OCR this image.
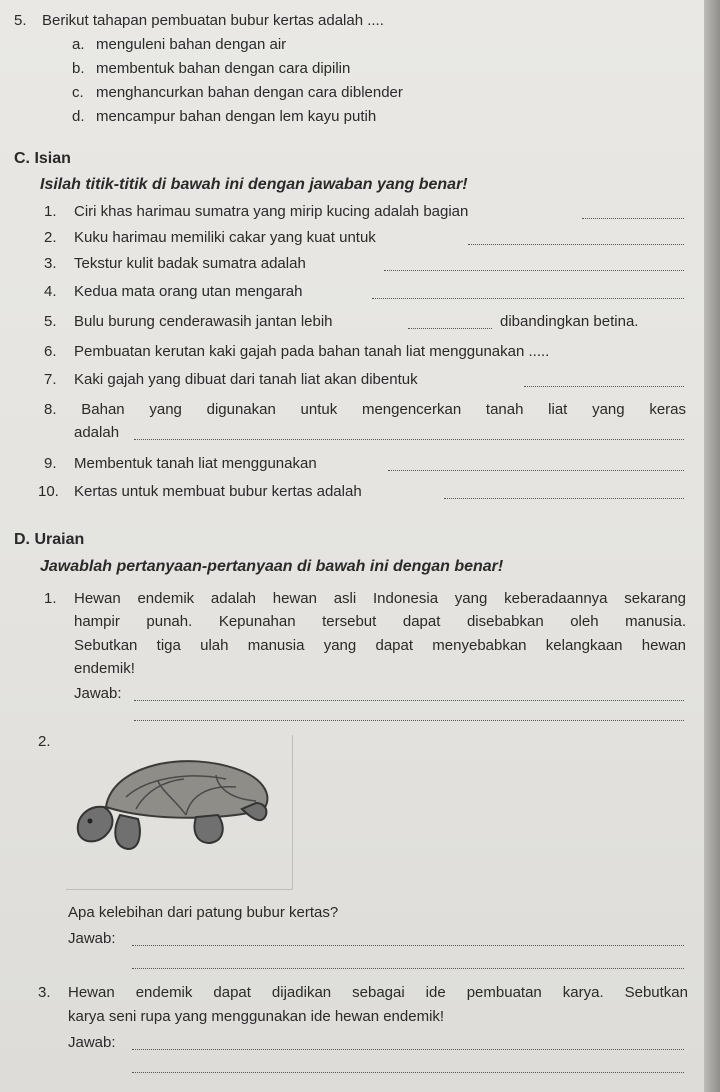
5. Berikut tahapan pembuatan bubur kertas adalah ....
a. menguleni bahan dengan air
b. membentuk bahan dengan cara dipilin
c. menghancurkan bahan dengan cara diblender
d. mencampur bahan dengan lem kayu putih
C. Isian
Isilah titik-titik di bawah ini dengan jawaban yang benar!
1. Ciri khas harimau sumatra yang mirip kucing adalah bagian
2. Kuku harimau memiliki cakar yang kuat untuk
3. Tekstur kulit badak sumatra adalah
4. Kedua mata orang utan mengarah
5. Bulu burung cenderawasih jantan lebih	dibandingkan betina.
6. Pembuatan kerutan kaki gajah pada bahan tanah liat menggunakan .....
7. Kaki gajah yang dibuat dari tanah liat akan dibentuk
8. Bahan yang digunakan untuk mengencerkan tanah liat yang keras
adalah
9. Membentuk tanah liat menggunakan
10. Kertas untuk membuat bubur kertas adalah
D. Uraian
Jawablah pertanyaan-pertanyaan di bawah ini dengan benar!
1. Hewan endemik adalah hewan asli Indonesia yang keberadaannya sekarang
hampir punah. Kepunahan tersebut dapat disebabkan oleh manusia.
Sebutkan tiga ulah manusia yang dapat menyebabkan kelangkaan hewan
endemik!
Jawab:
2.
Apa kelebihan dari patung bubur kertas?
Jawab:
3. Hewan endemik dapat dijadikan sebagai ide pembuatan karya. Sebutkan
karya seni rupa yang menggunakan ide hewan endemik!
Jawab:
